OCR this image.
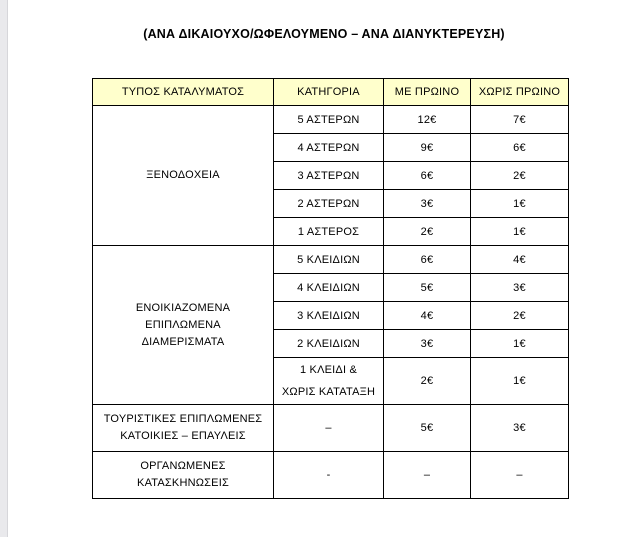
(ΑΝΑ ΔΙΚΑΙΟΥΧΟ/ΩΦΕΛΟΥΜΕΝΟ – ΑΝΑ ΔΙΑΝΥΚΤΕΡΕΥΣΗ)
ΤΥΠΟΣ ΚΑΤΑΛΥΜΑΤΟΣ	ΚΑΤΗΓΟΡΙΑ	ΜΕ ΠΡΩΙΝΟ	ΧΩΡΙΣ ΠΡΩΙΝΟ
ΞΕΝΟΔΟΧΕΙΑ	5 ΑΣΤΕΡΩΝ	12€	7€
	4 ΑΣΤΕΡΩΝ	9€	6€
	3 ΑΣΤΕΡΩΝ	6€	2€
	2 ΑΣΤΕΡΩΝ	3€	1€
	1 ΑΣΤΕΡΟΣ	2€	1€

ΕΝΟΙΚΙΑΖΟΜΕΝΑ
ΕΠΙΠΛΩΜΕΝΑ
ΔΙΑΜΕΡΙΣΜΑΤΑ	5 ΚΛΕΙΔΙΩΝ	6€	4€
	4 ΚΛΕΙΔΙΩΝ	5€	3€
	3 ΚΛΕΙΔΙΩΝ	4€	2€
	2 ΚΛΕΙΔΙΩΝ	3€	1€

	1 ΚΛΕΙΔΙ &
ΧΩΡΙΣ ΚΑΤΑΤΑΞΗ	2€	1€

ΤΟΥΡΙΣΤΙΚΕΣ ΕΠΙΠΛΩΜΕΝΕΣ
ΚΑΤΟΙΚΙΕΣ – ΕΠΑΥΛΕΙΣ	–	5€	3€

ΟΡΓΑΝΩΜΕΝΕΣ
ΚΑΤΑΣΚΗΝΩΣΕΙΣ	-	–	–
